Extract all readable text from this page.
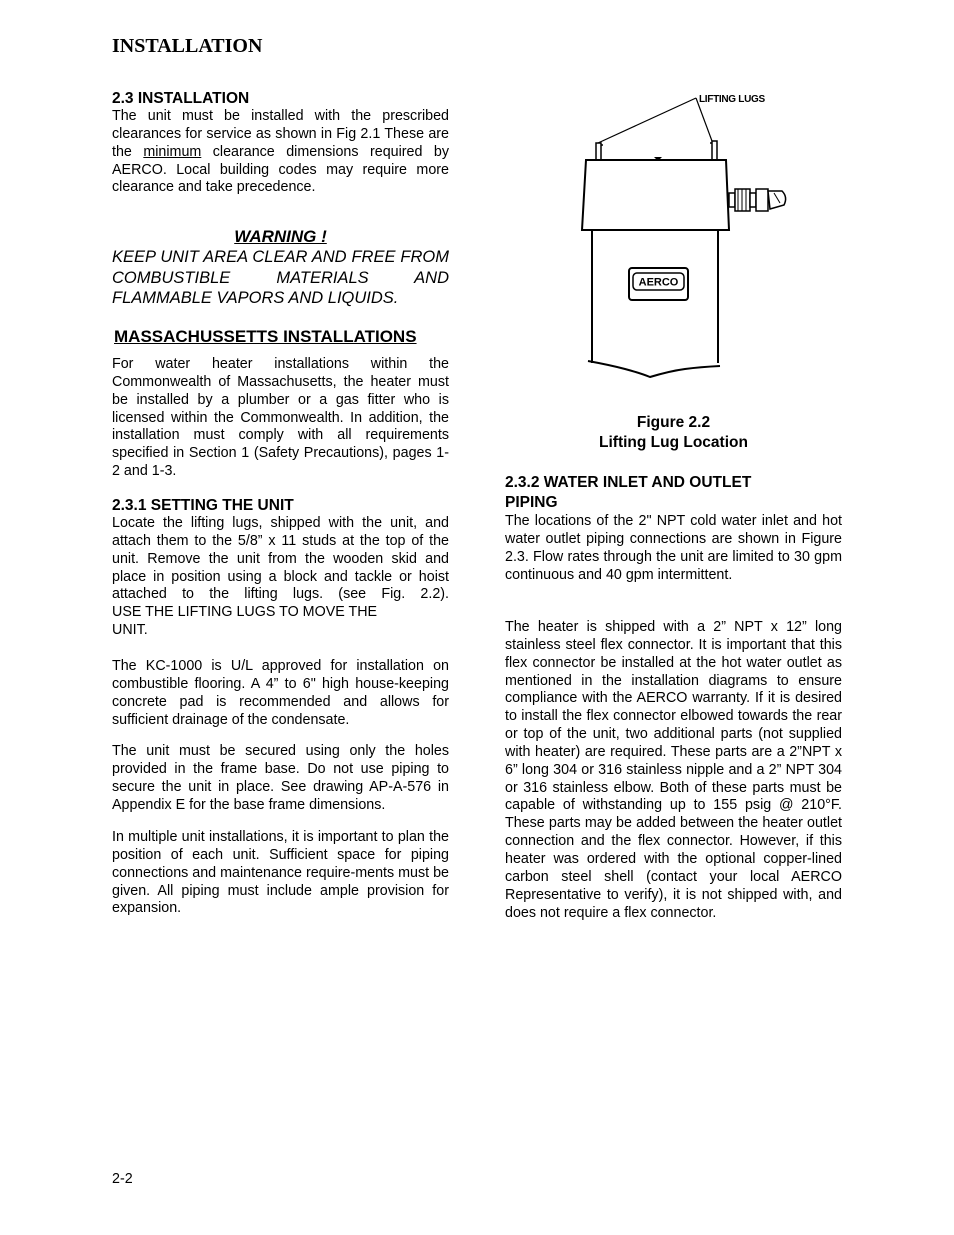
INSTALLATION
2.3 INSTALLATION
The unit must be installed with the prescribed clearances for service as shown in Fig 2.1 These are the minimum clearance dimensions required by AERCO. Local building codes may require more clearance and take precedence.
WARNING !
KEEP UNIT AREA CLEAR AND FREE FROM COMBUSTIBLE MATERIALS AND FLAMMABLE VAPORS AND LIQUIDS.
MASSACHUSSETTS INSTALLATIONS
For water heater installations within the Commonwealth of Massachusetts, the heater must be installed by a plumber or a gas fitter who is licensed within the Commonwealth. In addition, the installation must comply with all requirements specified in Section 1 (Safety Precautions), pages 1-2 and 1-3.
2.3.1 SETTING THE UNIT
Locate the lifting lugs, shipped with the unit, and attach them to the 5/8” x 11 studs at the top of the unit. Remove the unit from the wooden skid and place in position using a block and tackle or hoist attached to the lifting lugs. (see Fig. 2.2).
USE THE LIFTING LUGS TO MOVE THE
UNIT.
The KC-1000 is U/L approved for installation on combustible flooring. A 4” to 6" high house-keeping concrete pad is recommended and allows for sufficient drainage of the condensate.
The unit must be secured using only the holes provided in the frame base. Do not use piping to secure the unit in place. See drawing AP-A-576 in Appendix E for the base frame dimensions.
In multiple unit installations, it is important to plan the position of each unit. Sufficient space for piping connections and maintenance require-ments must be given. All piping must include ample provision for expansion.
LIFTING LUGS
AERCO
Figure 2.2
Lifting Lug Location
2.3.2 WATER INLET AND OUTLET
PIPING
The locations of the 2" NPT cold water inlet and hot water outlet piping connections are shown in Figure 2.3. Flow rates through the unit are limited to 30 gpm continuous and 40 gpm intermittent.
The heater is shipped with a 2” NPT x 12” long stainless steel flex connector. It is important that this flex connector be installed at the hot water outlet as mentioned in the installation diagrams to ensure compliance with the AERCO warranty. If it is desired to install the flex connector elbowed towards the rear or top of the unit, two additional parts (not supplied with heater) are required. These parts are a 2”NPT x 6” long 304 or 316 stainless nipple and a 2” NPT 304 or 316 stainless elbow. Both of these parts must be capable of withstanding up to 155 psig @ 210°F. These parts may be added between the heater outlet connection and the flex connector. However, if this heater was ordered with the optional copper-lined carbon steel shell (contact your local AERCO Representative to verify), it is not shipped with, and does not require a flex connector.
2-2
